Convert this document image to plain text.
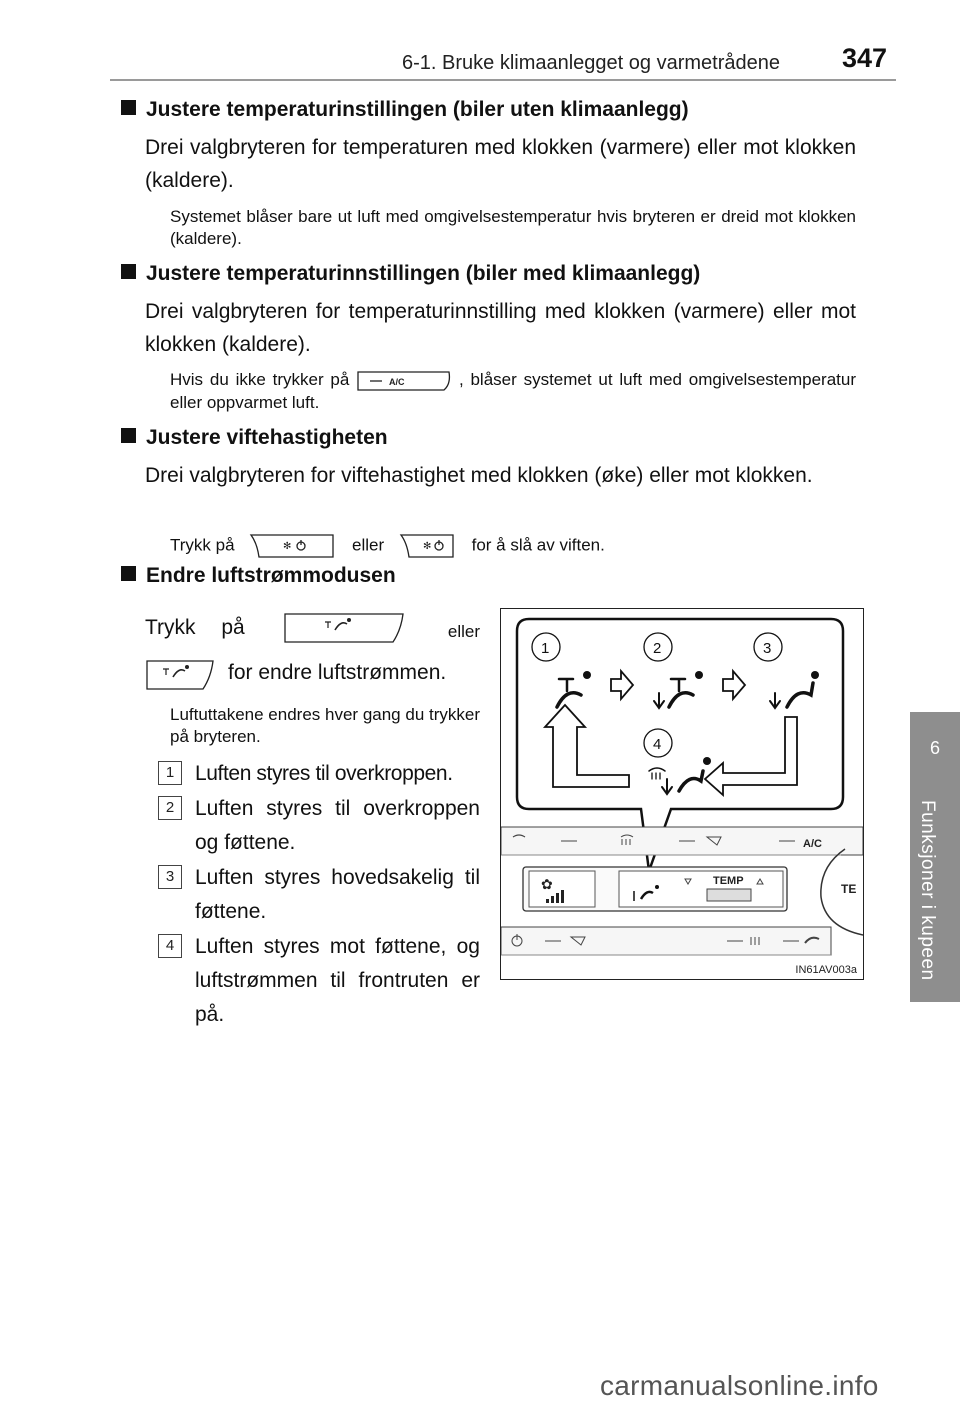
6-1. Bruke klimaanlegget og varmetrådene 347
6
Funksjoner i kupeen
Justere temperaturinstillingen (biler uten klimaanlegg)
Drei valgbryteren for temperaturen med klokken (varmere) eller mot klokken (kaldere).
Systemet blåser bare ut luft med omgivelsestemperatur hvis bryteren er dreid mot klokken (kaldere).
Justere temperaturinnstillingen (biler med klimaanlegg)
Drei valgbryteren for temperaturinnstilling med klokken (varmere) eller mot klokken (kaldere).
Hvis du ikke trykker på	A/C	, blåser systemet ut luft med omgivelsestemperatur eller oppvarmet luft.
Justere viftehastigheten
Drei valgbryteren for viftehastighet med klokken (øke) eller mot klokken.
Trykk på	✻	eller	✻ for å slå av viften.
Endre luftstrømmodusen
Trykk på	eller
for endre luftstrømmen.
Luftuttakene endres hver gang du trykker på bryteren.
1 Luften styres til overkroppen.
2 Luften styres til overkroppen og føttene.
3 Luften styres hovedsakelig til føttene.
4 Luften styres mot føttene, og luftstrømmen til frontruten er på.
1	2	3
4
A/C
✿	TEMP
TE
IN61AV003a
carmanualsonline.info
